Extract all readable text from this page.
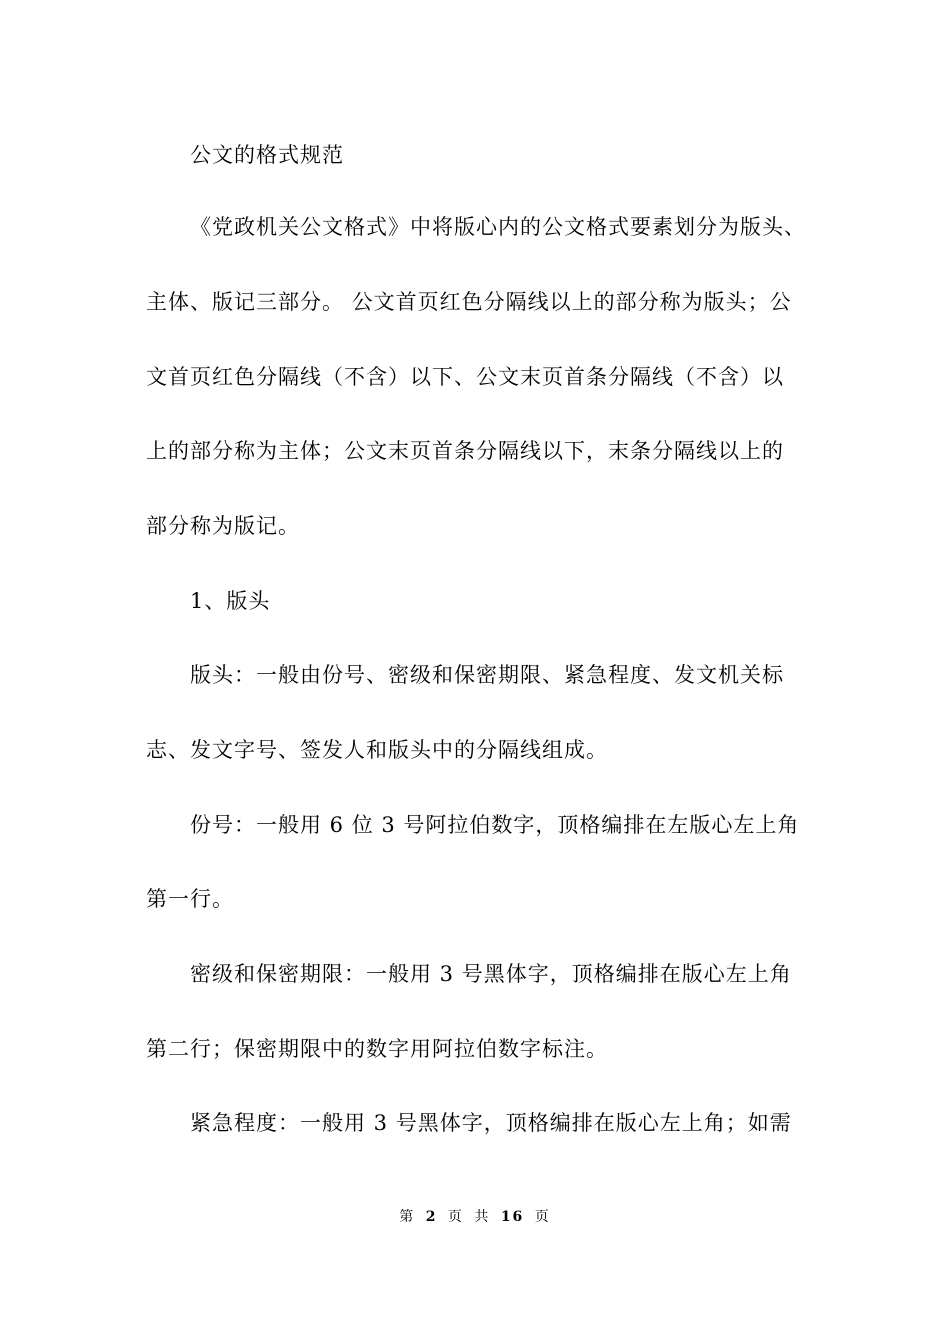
公文的格式规范
《党政机关公文格式》中将版心内的公文格式要素划分为版头、
主体、版记三部分。 公文首页红色分隔线以上的部分称为版头；公
文首页红色分隔线（不含）以下、公文末页首条分隔线（不含）以
上的部分称为主体；公文末页首条分隔线以下，末条分隔线以上的
部分称为版记。
1、版头
版头：一般由份号、密级和保密期限、紧急程度、发文机关标
志、发文字号、签发人和版头中的分隔线组成。
份号：一般用 6 位 3 号阿拉伯数字，顶格编排在左版心左上角
第一行。
密级和保密期限：一般用 3 号黑体字，顶格编排在版心左上角
第二行；保密期限中的数字用阿拉伯数字标注。
紧急程度：一般用 3 号黑体字，顶格编排在版心左上角；如需
第 2 页 共 16 页
